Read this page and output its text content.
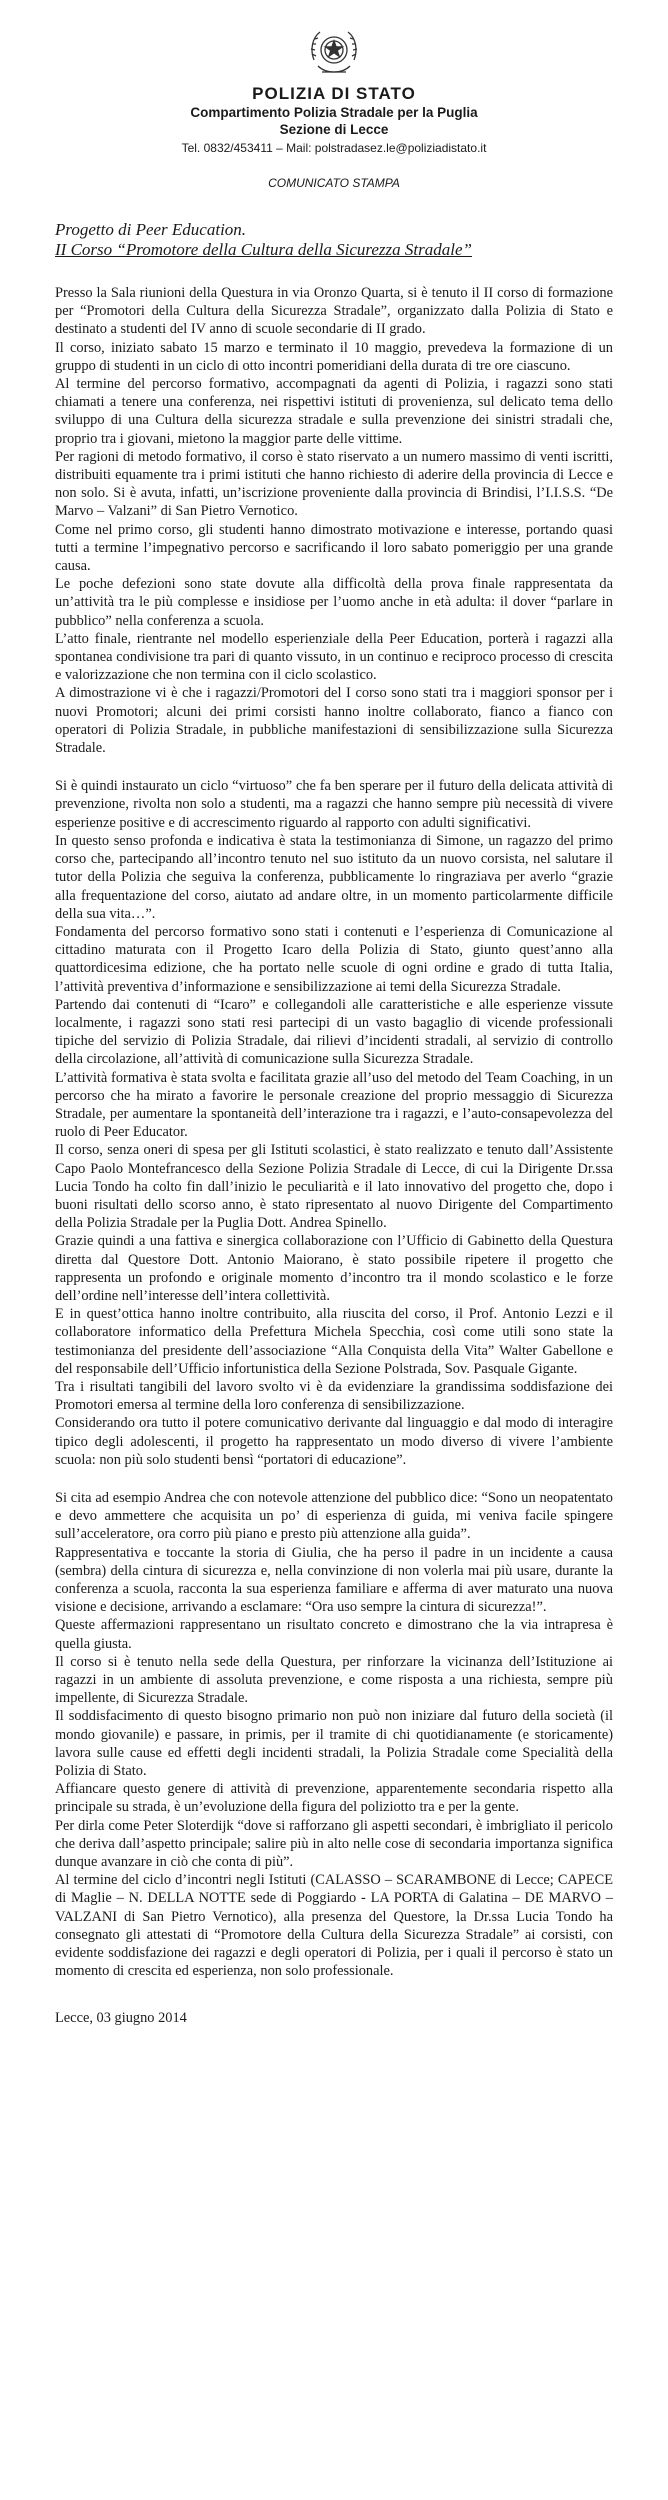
POLIZIA DI STATO
Compartimento Polizia Stradale per la Puglia
Sezione di Lecce
Tel. 0832/453411 – Mail: polstradasez.le@poliziadistato.it
COMUNICATO STAMPA
Progetto di Peer Education.
II Corso “Promotore della Cultura della Sicurezza Stradale”

Presso la Sala riunioni della Questura in via Oronzo Quarta, si è tenuto il II corso di formazione per “Promotori della Cultura della Sicurezza Stradale”, organizzato dalla Polizia di Stato e destinato a studenti del IV anno di scuole secondarie di II grado.

Il corso, iniziato sabato 15 marzo e terminato il 10 maggio, prevedeva la formazione di un gruppo di studenti in un ciclo di otto incontri pomeridiani della durata di tre ore ciascuno.

Al termine del percorso formativo, accompagnati da agenti di Polizia, i ragazzi sono stati chiamati a tenere una conferenza, nei rispettivi istituti di provenienza, sul delicato tema dello sviluppo di una Cultura della sicurezza stradale e sulla prevenzione dei sinistri stradali che, proprio tra i giovani, mietono la maggior parte delle vittime.

Per ragioni di metodo formativo, il corso è stato riservato a un numero massimo di venti iscritti, distribuiti equamente tra i primi istituti che hanno richiesto di aderire della provincia di Lecce e non solo. Si è avuta, infatti, un’iscrizione proveniente dalla provincia di Brindisi, l’I.I.S.S. “De Marvo – Valzani” di San Pietro Vernotico.

Come nel primo corso, gli studenti hanno dimostrato motivazione e interesse, portando quasi tutti a termine l’impegnativo percorso e sacrificando il loro sabato pomeriggio per una grande causa.

Le poche defezioni sono state dovute alla difficoltà della prova finale rappresentata da un’attività tra le più complesse e insidiose per l’uomo anche in età adulta: il dover “parlare in pubblico” nella conferenza a scuola.

L’atto finale, rientrante nel modello esperienziale della Peer Education, porterà i ragazzi alla spontanea condivisione tra pari di quanto vissuto, in un continuo e reciproco processo di crescita e valorizzazione che non termina con il ciclo scolastico.

A dimostrazione vi è che i ragazzi/Promotori del I corso sono stati tra i maggiori sponsor per i nuovi Promotori; alcuni dei primi corsisti hanno inoltre collaborato, fianco a fianco con operatori di Polizia Stradale, in pubbliche manifestazioni di sensibilizzazione sulla Sicurezza Stradale.

Si è quindi instaurato un ciclo “virtuoso” che fa ben sperare per il futuro della delicata attività di prevenzione, rivolta non solo a studenti, ma a ragazzi che hanno sempre più necessità di vivere esperienze positive e di accrescimento riguardo al rapporto con adulti significativi.

In questo senso profonda e indicativa è stata la testimonianza di Simone, un ragazzo del primo corso che, partecipando all’incontro tenuto nel suo istituto da un nuovo corsista, nel salutare il tutor della Polizia che seguiva la conferenza, pubblicamente lo ringraziava per averlo “grazie alla frequentazione del corso, aiutato ad andare oltre, in un momento particolarmente difficile della sua vita…”.

Fondamenta del percorso formativo sono stati i contenuti e l’esperienza di Comunicazione al cittadino maturata con il Progetto Icaro della Polizia di Stato, giunto quest’anno alla quattordicesima edizione, che ha portato nelle scuole di ogni ordine e grado di tutta Italia, l’attività preventiva d’informazione e sensibilizzazione ai temi della Sicurezza Stradale.

Partendo dai contenuti di “Icaro” e collegandoli alle caratteristiche e alle esperienze vissute localmente, i ragazzi sono stati resi partecipi di un vasto bagaglio di vicende professionali tipiche del servizio di Polizia Stradale, dai rilievi d’incidenti stradali, al servizio di controllo della circolazione, all’attività di comunicazione sulla Sicurezza Stradale.

L’attività formativa è stata svolta e facilitata grazie all’uso del metodo del Team Coaching, in un percorso che ha mirato a favorire le personale creazione del proprio messaggio di Sicurezza Stradale, per aumentare la spontaneità dell’interazione tra i ragazzi, e l’auto-consapevolezza del ruolo di Peer Educator.

Il corso, senza oneri di spesa per gli Istituti scolastici, è stato realizzato e tenuto dall’Assistente Capo Paolo Montefrancesco della Sezione Polizia Stradale di Lecce, di cui la Dirigente Dr.ssa Lucia Tondo ha colto fin dall’inizio le peculiarità e il lato innovativo del progetto che, dopo i buoni risultati dello scorso anno, è stato ripresentato al nuovo Dirigente del Compartimento della Polizia Stradale per la Puglia Dott. Andrea Spinello.

Grazie quindi a una fattiva e sinergica collaborazione con l’Ufficio di Gabinetto della Questura diretta dal Questore Dott. Antonio Maiorano, è stato possibile ripetere il progetto che rappresenta un profondo e originale momento d’incontro tra il mondo scolastico e le forze dell’ordine nell’interesse dell’intera collettività.

E in quest’ottica hanno inoltre contribuito, alla riuscita del corso, il Prof. Antonio Lezzi e il collaboratore informatico della Prefettura Michela Specchia, così come utili sono state la testimonianza del presidente dell’associazione “Alla Conquista della Vita” Walter Gabellone e del responsabile dell’Ufficio infortunistica della Sezione Polstrada, Sov. Pasquale Gigante.

Tra i risultati tangibili del lavoro svolto vi è da evidenziare la grandissima soddisfazione dei Promotori emersa al termine della loro conferenza di sensibilizzazione.

Considerando ora tutto il potere comunicativo derivante dal linguaggio e dal modo di interagire tipico degli adolescenti, il progetto ha rappresentato un modo diverso di vivere l’ambiente scuola: non più solo studenti bensì “portatori di educazione”.

Si cita ad esempio Andrea che con notevole attenzione del pubblico dice: “Sono un neopatentato e devo ammettere che acquisita un po’ di esperienza di guida, mi veniva facile spingere sull’acceleratore, ora corro più piano e presto più attenzione alla guida”.

Rappresentativa e toccante la storia di Giulia, che ha perso il padre in un incidente a causa (sembra) della cintura di sicurezza e, nella convinzione di non volerla mai più usare, durante la conferenza a scuola, racconta la sua esperienza familiare e afferma di aver maturato una nuova visione e decisione, arrivando a esclamare: “Ora uso sempre la cintura di sicurezza!”.

Queste affermazioni rappresentano un risultato concreto e dimostrano che la via intrapresa è quella giusta.

Il corso si è tenuto nella sede della Questura, per rinforzare la vicinanza dell’Istituzione ai ragazzi in un ambiente di assoluta prevenzione, e come risposta a una richiesta, sempre più impellente, di Sicurezza Stradale.

Il soddisfacimento di questo bisogno primario non può non iniziare dal futuro della società (il mondo giovanile) e passare, in primis, per il tramite di chi quotidianamente (e storicamente) lavora sulle cause ed effetti degli incidenti stradali, la Polizia Stradale come Specialità della Polizia di Stato.

Affiancare questo genere di attività di prevenzione, apparentemente secondaria rispetto alla principale su strada, è un’evoluzione della figura del poliziotto tra e per la gente.

Per dirla come Peter Sloterdijk “dove si rafforzano gli aspetti secondari, è imbrigliato il pericolo che deriva dall’aspetto principale; salire più in alto nelle cose di secondaria importanza significa dunque avanzare in ciò che conta di più”.

Al termine del ciclo d’incontri negli Istituti (CALASSO – SCARAMBONE di Lecce; CAPECE di Maglie – N. DELLA NOTTE sede di Poggiardo - LA PORTA di Galatina – DE MARVO – VALZANI di San Pietro Vernotico), alla presenza del Questore, la Dr.ssa Lucia Tondo ha consegnato gli attestati di “Promotore della Cultura della Sicurezza Stradale” ai corsisti, con evidente soddisfazione dei ragazzi e degli operatori di Polizia, per i quali il percorso è stato un momento di crescita ed esperienza, non solo professionale.

Lecce, 03 giugno 2014
